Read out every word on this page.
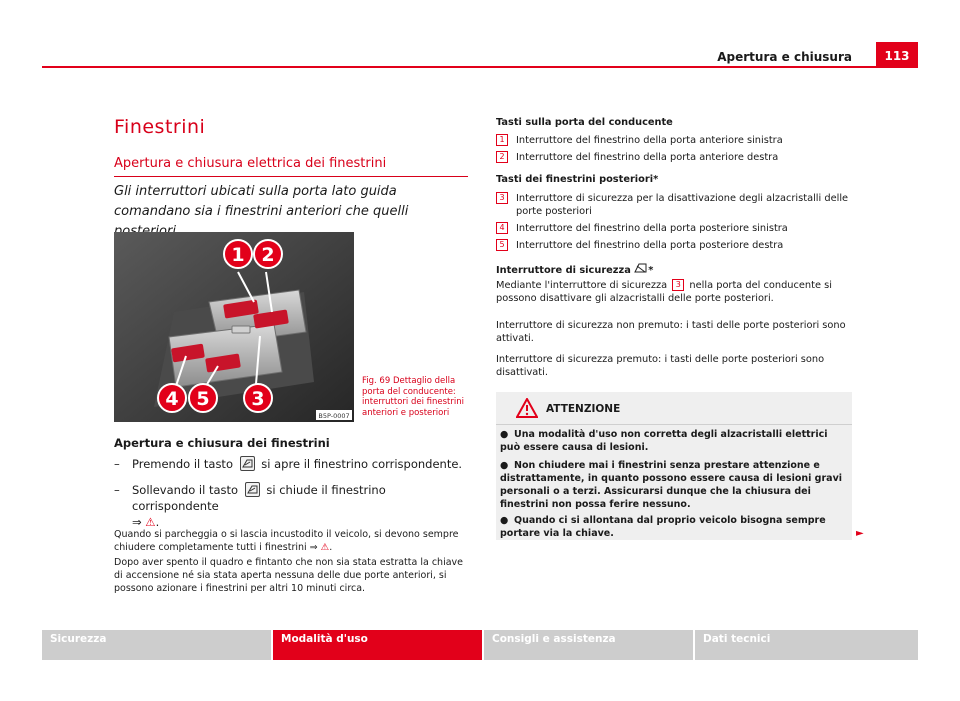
Apertura e chiusura	113
Finestrini
Apertura e chiusura elettrica dei finestrini
Gli interruttori ubicati sulla porta lato guida comandano sia i finestrini anteriori che quelli
1 2
3
4 5
B5P-0007
Fig. 69 Dettaglio della porta del conducente: interruttori dei finestrini anteriori e posteriori
Apertura e chiusura dei finestrini
– Premendo il tasto si apre il finestrino corrispondente.
– Sollevando il tasto si chiude il finestrino corrispondente
⇒ ⚠.
Quando si parcheggia o si lascia incustodito il veicolo, si devono sempre chiudere completamente tutti i finestrini ⇒ ⚠.
Dopo aver spento il quadro e fintanto che non sia stata estratta la chiave di accensione né sia stata aperta nessuna delle due porte anteriori, si possono azionare i finestrini per altri 10 minuti circa.
Tasti sulla porta del conducente
1	Interruttore del finestrino della porta anteriore sinistra
2	Interruttore del finestrino della porta anteriore destra
Tasti dei finestrini posteriori*
3	Interruttore di sicurezza per la disattivazione degli alzacristalli delle porte posteriori
4	Interruttore del finestrino della porta posteriore sinistra
5	Interruttore del finestrino della porta posteriore destra
Interruttore di sicurezza *
Mediante l'interruttore di sicurezza 3 nella porta del conducente si possono disattivare gli alzacristalli delle porte posteriori.
Interruttore di sicurezza non premuto: i tasti delle porte posteriori sono attivati.
Interruttore di sicurezza premuto: i tasti delle porte posteriori sono disattivati.
ATTENZIONE
● Una modalità d'uso non corretta degli alzacristalli elettrici può essere causa di lesioni.
● Non chiudere mai i finestrini senza prestare attenzione e distrattamente, in quanto possono essere causa di lesioni gravi personali o a terzi. Assicurarsi dunque che la chiusura dei finestrini non possa ferire nessuno.
● Quando ci si allontana dal proprio veicolo bisogna sempre portare via la chiave.	►
Sicurezza	Modalità d'uso	Consigli e assistenza	Dati tecnici
